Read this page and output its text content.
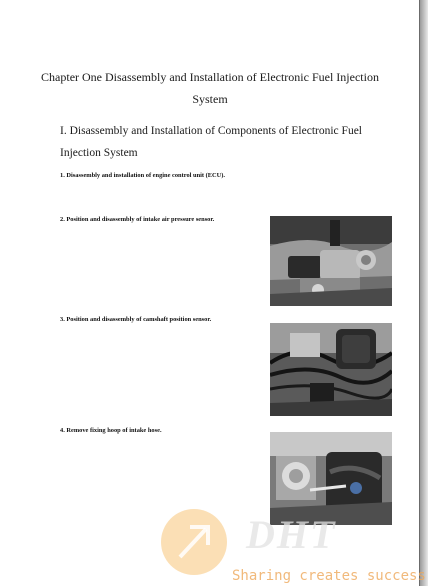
Chapter One Disassembly and Installation of Electronic Fuel Injection System
I. Disassembly and Installation of Components of Electronic Fuel Injection System
1. Disassembly and installation of engine control unit (ECU).
2. Position and disassembly of intake air pressure sensor.
3. Position and disassembly of camshaft position sensor.
4. Remove fixing hoop of intake hose.
DHT
Sharing creates success
